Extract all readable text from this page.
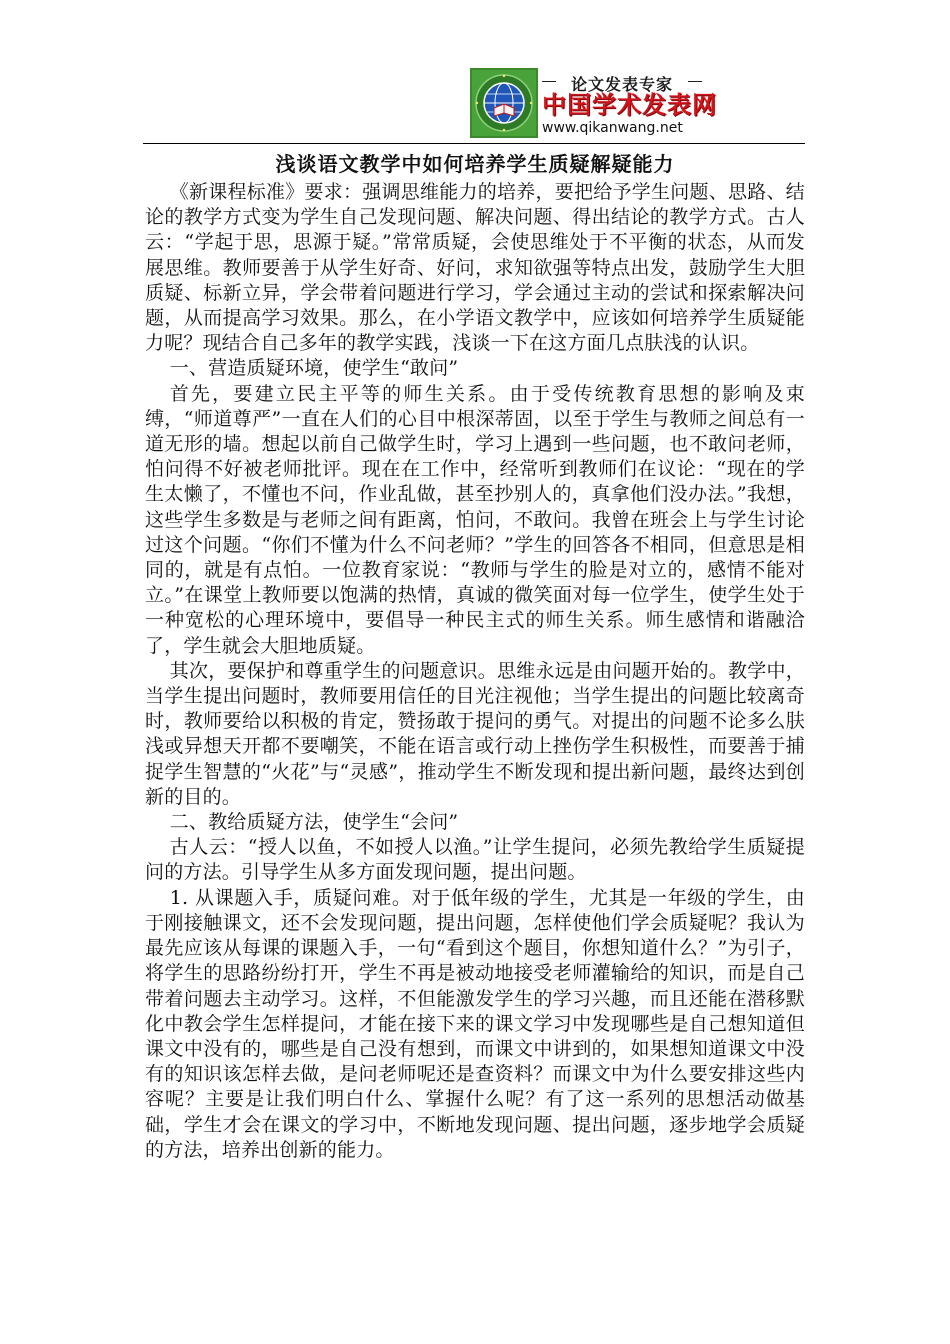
论文发表专家
中国学术发表网
www.qikanwang.net
浅谈语文教学中如何培养学生质疑解疑能力

《新课程标准》要求：强调思维能力的培养，要把给予学生问题、思路、结论的教学方式变为学生自己发现问题、解决问题、得出结论的教学方式。古人云：“学起于思，思源于疑。”常常质疑，会使思维处于不平衡的状态，从而发展思维。教师要善于从学生好奇、好问，求知欲强等特点出发，鼓励学生大胆质疑、标新立异，学会带着问题进行学习，学会通过主动的尝试和探索解决问题，从而提高学习效果。那么，在小学语文教学中，应该如何培养学生质疑能力呢？现结合自己多年的教学实践，浅谈一下在这方面几点肤浅的认识。

一、营造质疑环境，使学生“敢问”

首先，要建立民主平等的师生关系。由于受传统教育思想的影响及束缚，“师道尊严”一直在人们的心目中根深蒂固，以至于学生与教师之间总有一道无形的墙。想起以前自己做学生时，学习上遇到一些问题，也不敢问老师，怕问得不好被老师批评。现在在工作中，经常听到教师们在议论：“现在的学生太懒了，不懂也不问，作业乱做，甚至抄别人的，真拿他们没办法。”我想，这些学生多数是与老师之间有距离，怕问，不敢问。我曾在班会上与学生讨论过这个问题。“你们不懂为什么不问老师？”学生的回答各不相同，但意思是相同的，就是有点怕。一位教育家说：“教师与学生的脸是对立的，感情不能对立。”在课堂上教师要以饱满的热情，真诚的微笑面对每一位学生，使学生处于一种宽松的心理环境中，要倡导一种民主式的师生关系。师生感情和谐融洽了，学生就会大胆地质疑。

其次，要保护和尊重学生的问题意识。思维永远是由问题开始的。教学中，当学生提出问题时，教师要用信任的目光注视他；当学生提出的问题比较离奇时，教师要给以积极的肯定，赞扬敢于提问的勇气。对提出的问题不论多么肤浅或异想天开都不要嘲笑，不能在语言或行动上挫伤学生积极性，而要善于捕捉学生智慧的“火花”与“灵感”，推动学生不断发现和提出新问题，最终达到创新的目的。

二、教给质疑方法，使学生“会问”

古人云：“授人以鱼，不如授人以渔。”让学生提问，必须先教给学生质疑提问的方法。引导学生从多方面发现问题，提出问题。

1. 从课题入手，质疑问难。对于低年级的学生，尤其是一年级的学生，由于刚接触课文，还不会发现问题，提出问题，怎样使他们学会质疑呢？我认为最先应该从每课的课题入手，一句“看到这个题目，你想知道什么？”为引子，将学生的思路纷纷打开，学生不再是被动地接受老师灌输给的知识，而是自己带着问题去主动学习。这样，不但能激发学生的学习兴趣，而且还能在潜移默化中教会学生怎样提问，才能在接下来的课文学习中发现哪些是自己想知道但课文中没有的，哪些是自己没有想到，而课文中讲到的，如果想知道课文中没有的知识该怎样去做，是问老师呢还是查资料？而课文中为什么要安排这些内容呢？主要是让我们明白什么、掌握什么呢？有了这一系列的思想活动做基础，学生才会在课文的学习中，不断地发现问题、提出问题，逐步地学会质疑的方法，培养出创新的能力。
